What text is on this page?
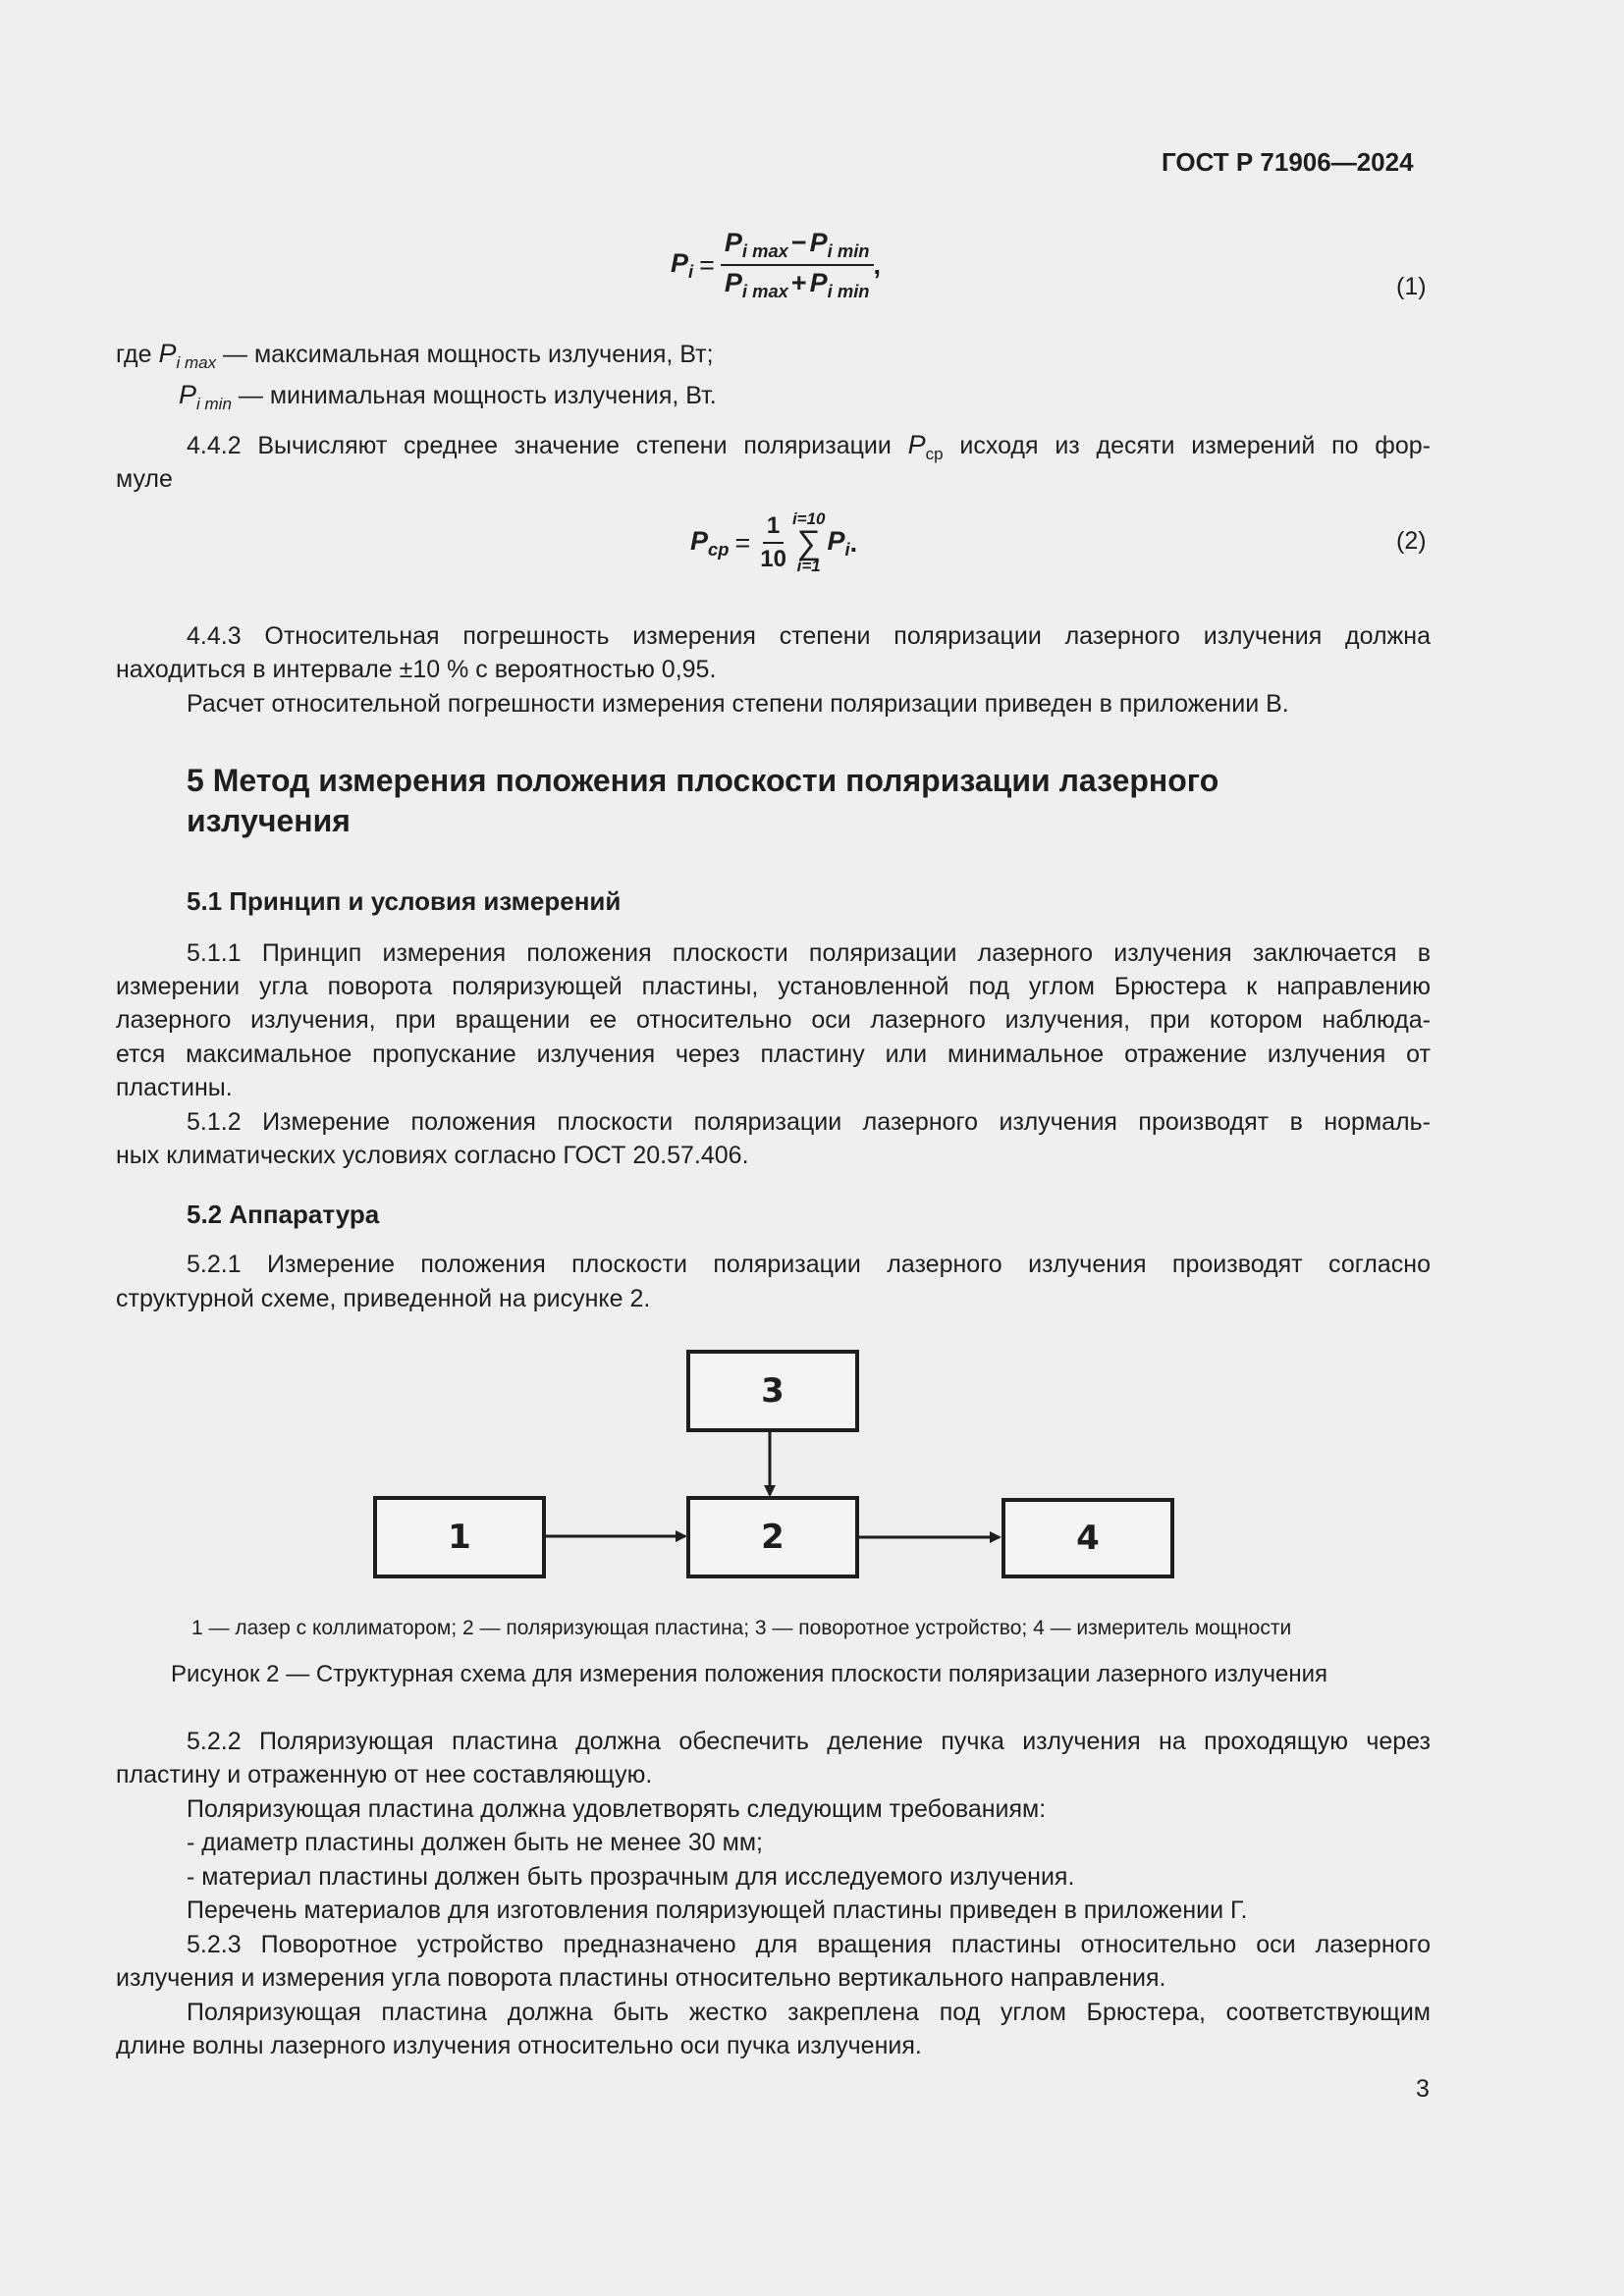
ГОСТ Р 71906—2024
$P_i = \frac{P_{i max} - P_{i min}}{P_{i max} + P_{i min}}$ ,
(1)
где $P_{i max}$ — максимальная мощность излучения, Вт;
$P_{i min}$ — минимальная мощность излучения, Вт.
4.4.2 Вычисляют среднее значение степени поляризации $P_{ср}$ исходя из десяти измерений по фор-
муле
$P_{ср} = \frac{1}{10} i=10$
∑
i=1
$P_i$ .	(2)
4.4.3 Относительная погрешность измерения степени поляризации лазерного излучения должна
находиться в интервале ±10 % с вероятностью 0,95.
Расчет относительной погрешности измерения степени поляризации приведен в приложении В.
5 Метод измерения положения плоскости поляризации лазерного
излучения
5.1 Принцип и условия измерений
5.1.1 Принцип измерения положения плоскости поляризации лазерного излучения заключается в
измерении угла поворота поляризующей пластины, установленной под углом Брюстера к направлению
лазерного излучения, при вращении ее относительно оси лазерного излучения, при котором наблюда-
ется максимальное пропускание излучения через пластину или минимальное отражение излучения от
пластины.
5.1.2 Измерение положения плоскости поляризации лазерного излучения производят в нормаль-
ных климатических условиях согласно ГОСТ 20.57.406.
5.2 Аппаратура
5.2.1 Измерение положения плоскости поляризации лазерного излучения производят согласно
структурной схеме, приведенной на рисунке 2.
3
1	2	4
1 — лазер с коллиматором; 2 — поляризующая пластина; 3 — поворотное устройство; 4 — измеритель мощности
Рисунок 2 — Структурная схема для измерения положения плоскости поляризации лазерного излучения
5.2.2 Поляризующая пластина должна обеспечить деление пучка излучения на проходящую через
пластину и отраженную от нее составляющую.
Поляризующая пластина должна удовлетворять следующим требованиям:
- диаметр пластины должен быть не менее 30 мм;
- материал пластины должен быть прозрачным для исследуемого излучения.
Перечень материалов для изготовления поляризующей пластины приведен в приложении Г.
5.2.3 Поворотное устройство предназначено для вращения пластины относительно оси лазерного
излучения и измерения угла поворота пластины относительно вертикального направления.
Поляризующая пластина должна быть жестко закреплена под углом Брюстера, соответствующим
длине волны лазерного излучения относительно оси пучка излучения.
3
